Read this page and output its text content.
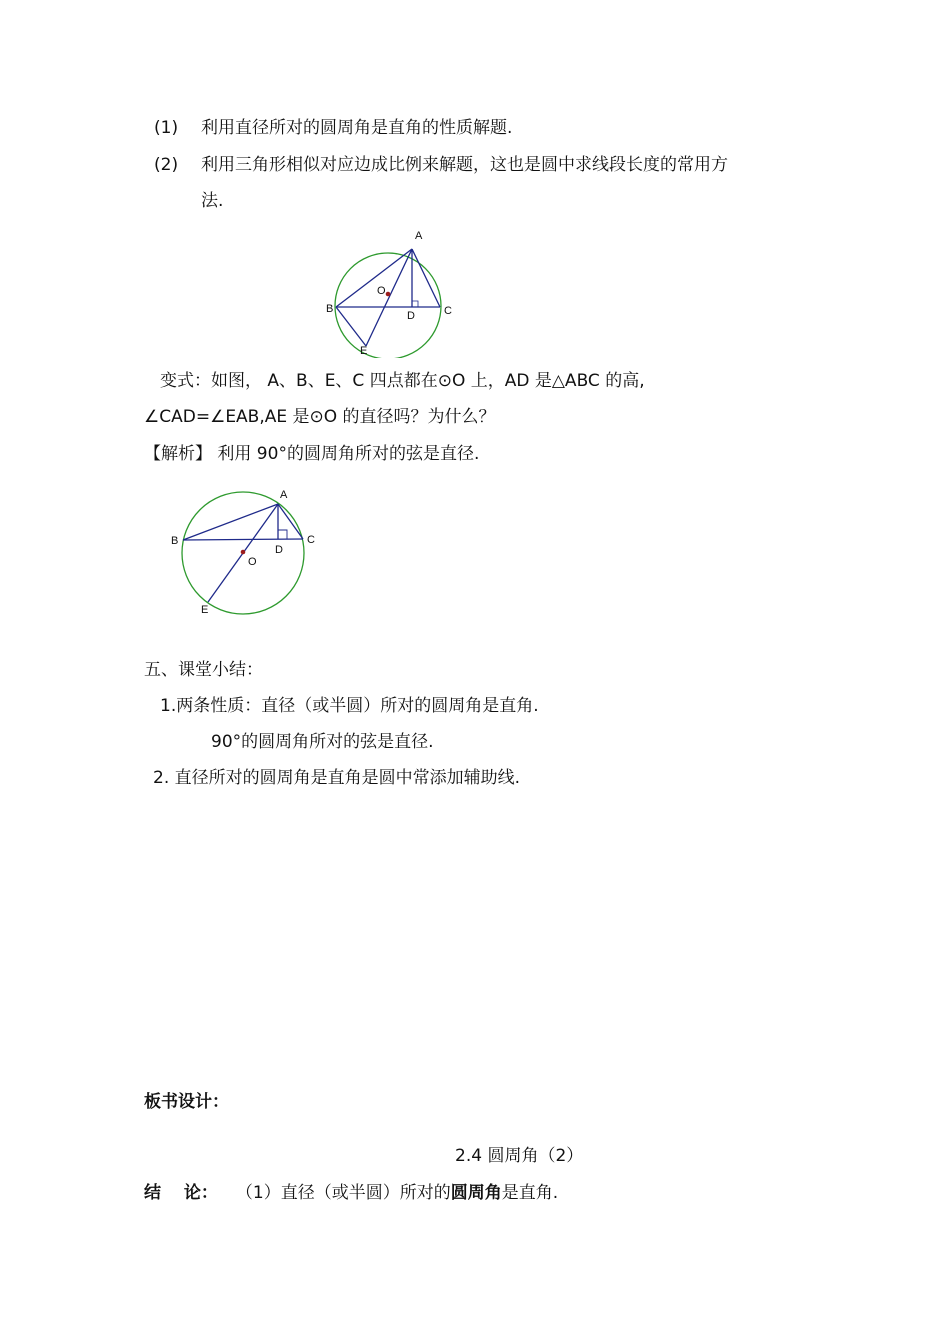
(1) 利用直径所对的圆周角是直角的性质解题.
(2) 利用三角形相似对应边成比例来解题，这也是圆中求线段长度的常用方
法.
A
B	C
D
E
O
变式：如图， A、B、E、C 四点都在⊙O 上，AD 是△ABC 的高,
∠CAD=∠EAB,AE 是⊙O 的直径吗？为什么？
【解析】 利用 90°的圆周角所对的弦是直径.
A
B	C
D
E
O
五、课堂小结：
1.两条性质：直径（或半圆）所对的圆周角是直角.
90°的圆周角所对的弦是直径.
2. 直径所对的圆周角是直角是圆中常添加辅助线.
板书设计：
2.4 圆周角（2）
结　 论： （1）直径（或半圆）所对的圆周角是直角.
